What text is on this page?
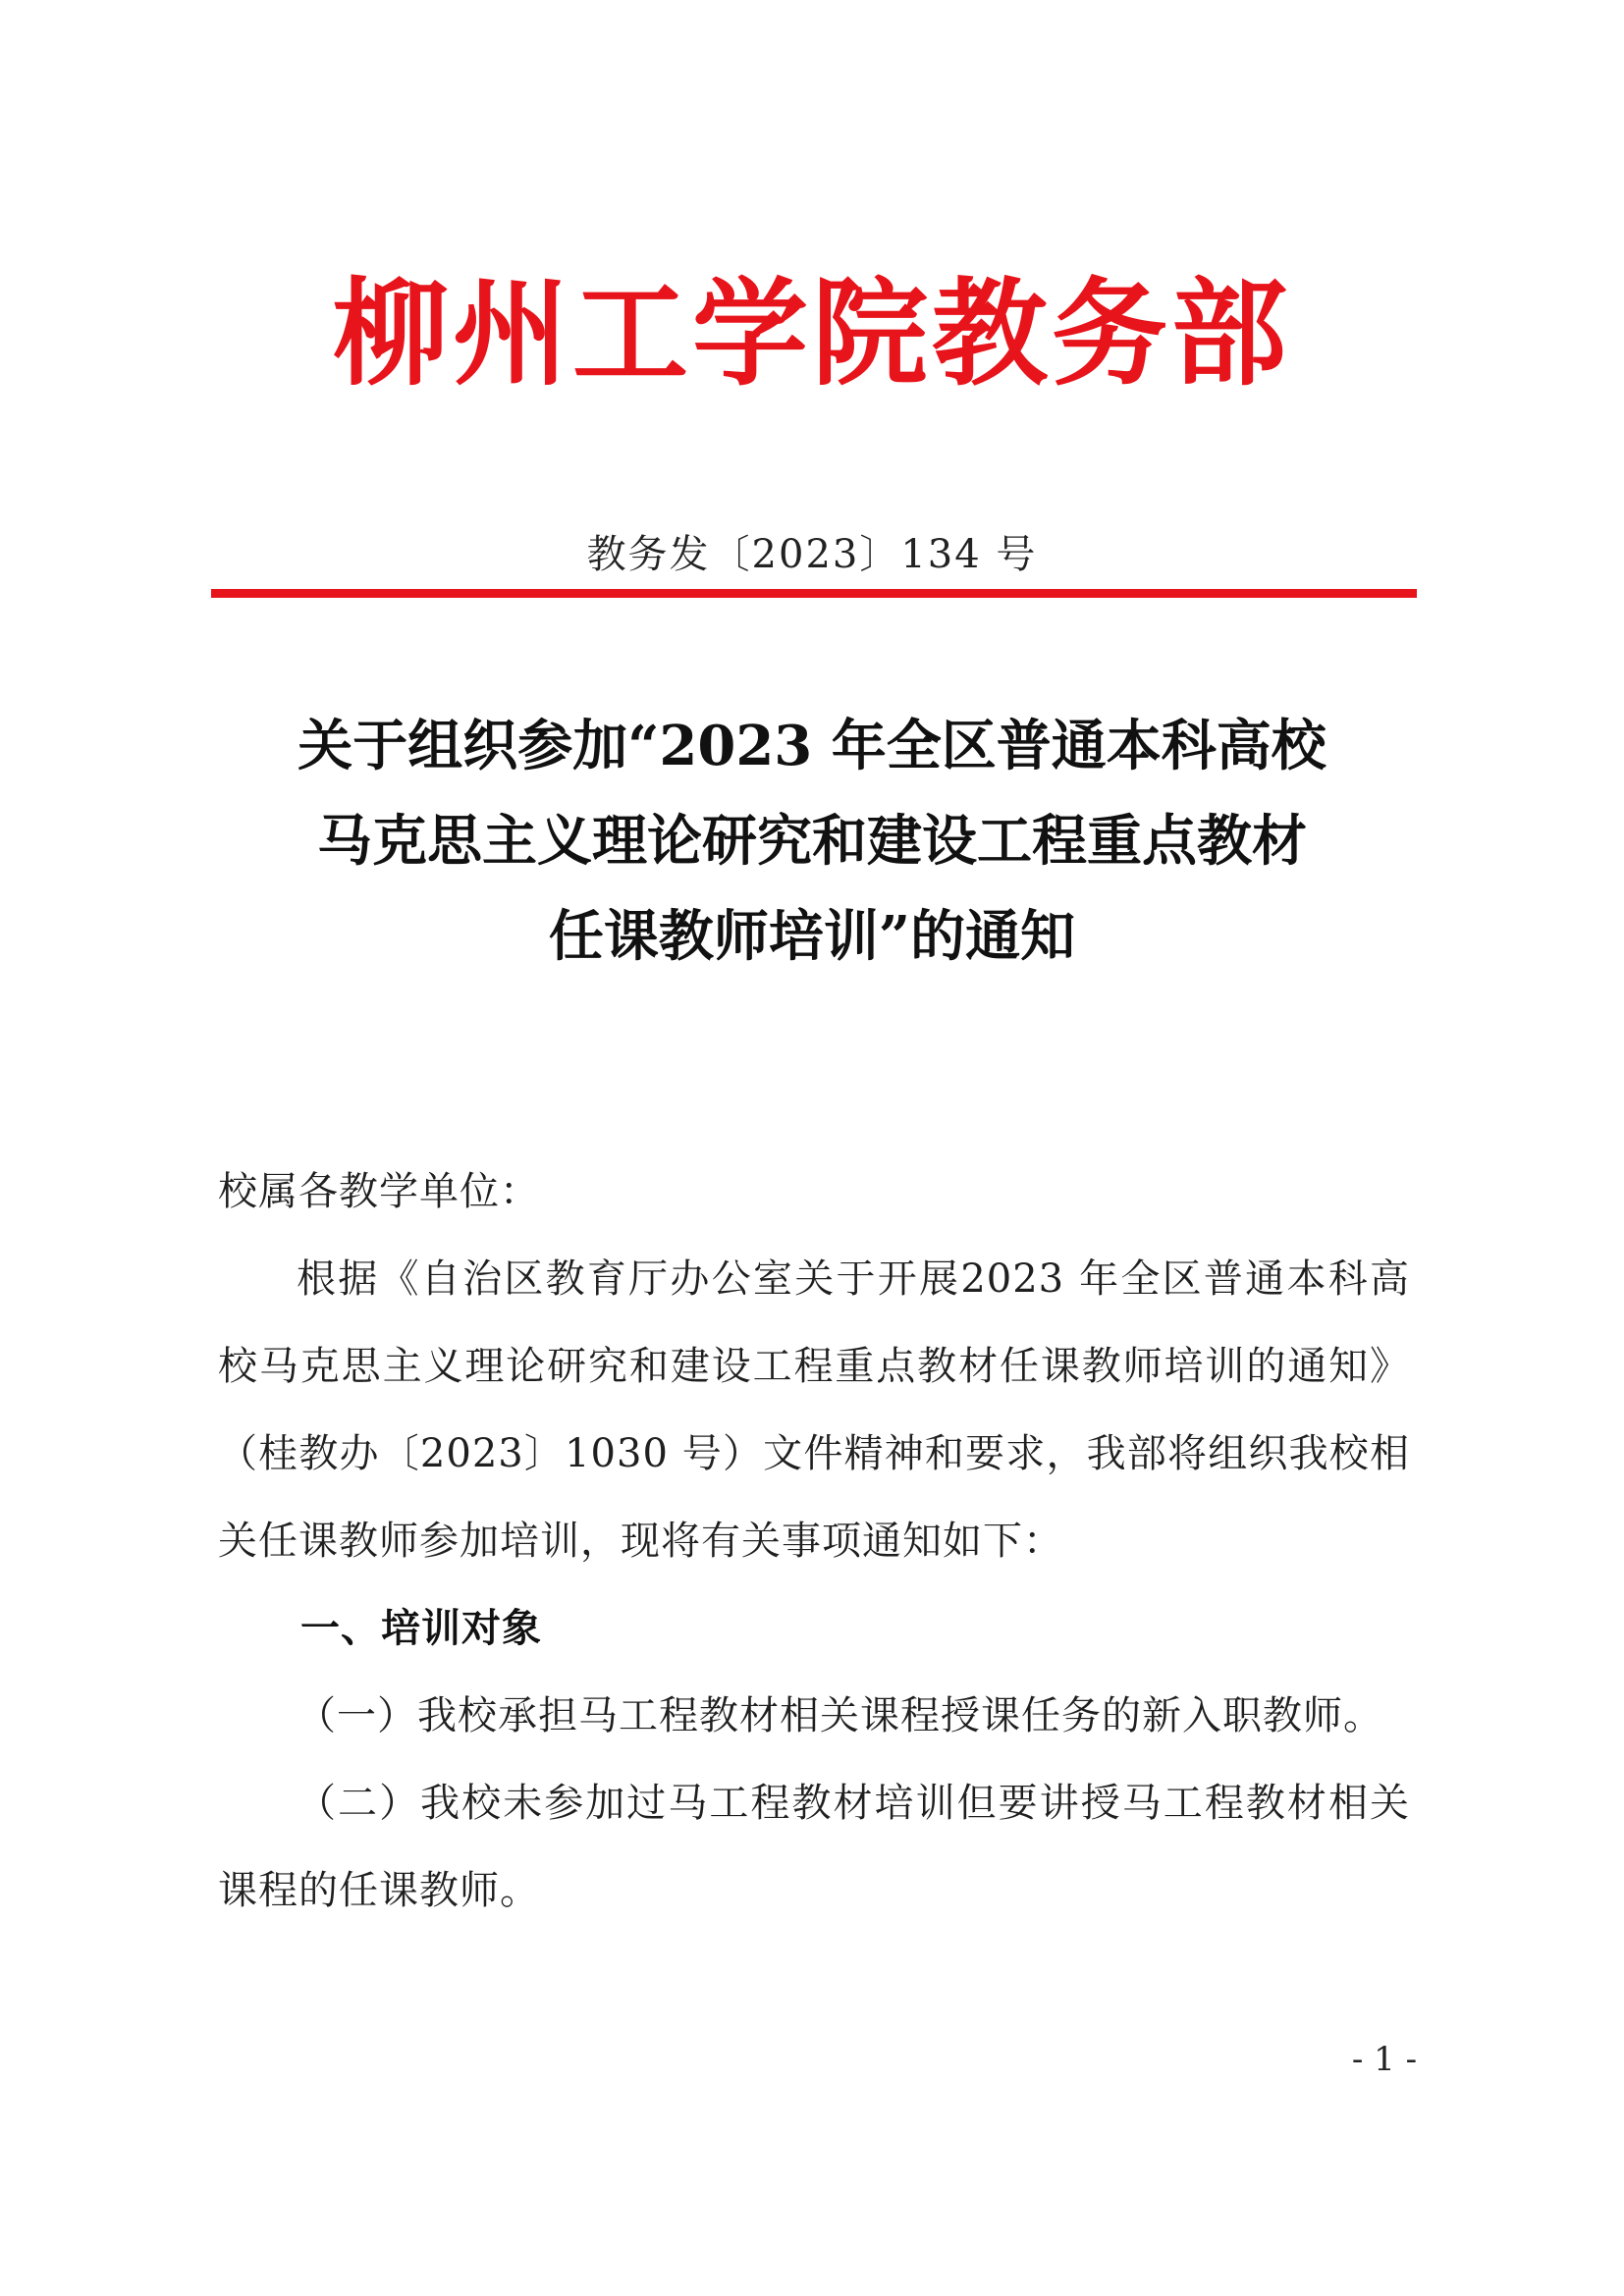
柳州工学院教务部
教务发〔2023〕134 号
关于组织参加“2023 年全区普通本科高校
马克思主义理论研究和建设工程重点教材
任课教师培训”的通知

校属各教学单位：

根据《自治区教育厅办公室关于开展2023 年全区普通本科高校马克思主义理论研究和建设工程重点教材任课教师培训的通知》（桂教办〔2023〕1030 号）文件精神和要求，我部将组织我校相关任课教师参加培训，现将有关事项通知如下：

一、培训对象

（一）我校承担马工程教材相关课程授课任务的新入职教师。

（二）我校未参加过马工程教材培训但要讲授马工程教材相关课程的任课教师。

- 1 -
